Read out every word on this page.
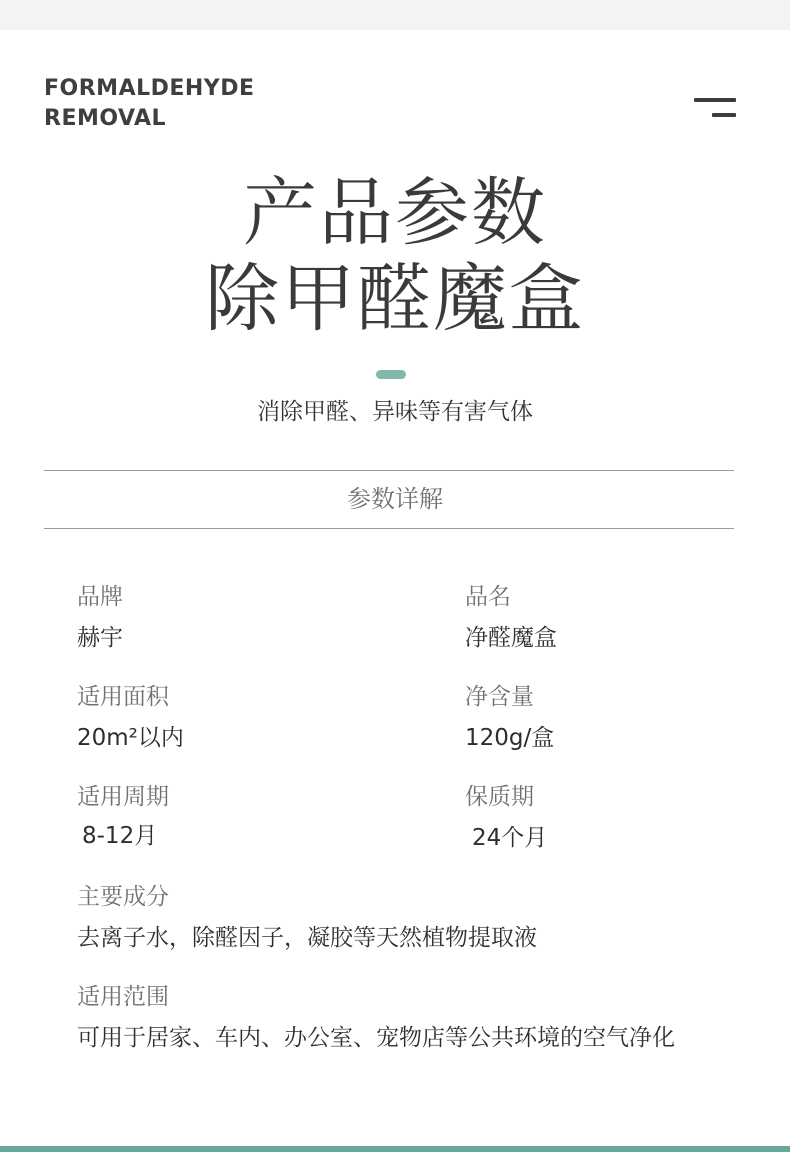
FORMALDEHYDE
REMOVAL
产品参数
除甲醛魔盒
消除甲醛、异味等有害气体
参数详解
品牌
赫宇
品名
净醛魔盒
适用面积
20m²以内
净含量
120g/盒
适用周期
8-12月
保质期
24个月
主要成分
去离子水，除醛因子，凝胶等天然植物提取液
适用范围
可用于居家、车内、办公室、宠物店等公共环境的空气净化
